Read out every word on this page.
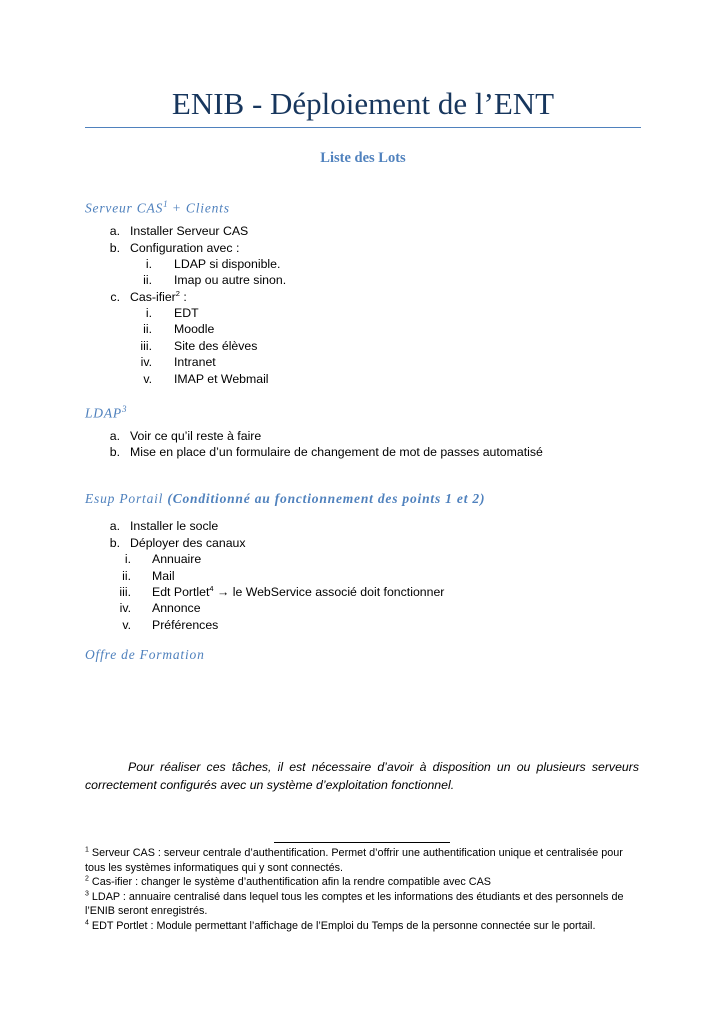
ENIB - Déploiement de l’ENT
Liste des Lots
Serveur $CAS^1$ + Clients
a. Installer Serveur CAS
b. Configuration avec :
i. LDAP si disponible.
ii. Imap ou autre sinon.
c. Cas-ifier$^2$ :
i. EDT
ii. Moodle
iii. Site des élèves
iv. Intranet
v. IMAP et Webmail
LDAP$^3$
a. Voir ce qu’il reste à faire
b. Mise en place d’un formulaire de changement de mot de passes automatisé
Esup Portail (Conditionné au fonctionnement des points 1 et 2)
a. Installer le socle
b. Déployer des canaux
i. Annuaire
ii. Mail
iii. Edt Portlet$^4$ → le WebService associé doit fonctionner
iv. Annonce
v. Préférences
Offre de Formation
Pour réaliser ces tâches, il est nécessaire d’avoir à disposition un ou plusieurs serveurs correctement configurés avec un système d’exploitation fonctionnel.

$^1$ Serveur CAS : serveur centrale d’authentification. Permet d’offrir une authentification unique et centralisée pour tous les systèmes informatiques qui y sont connectés.

$^2$ Cas-ifier : changer le système d’authentification afin la rendre compatible avec CAS

$^3$ LDAP : annuaire centralisé dans lequel tous les comptes et les informations des étudiants et des personnels de l’ENIB seront enregistrés.

$^4$ EDT Portlet : Module permettant l’affichage de l’Emploi du Temps de la personne connectée sur le portail.
